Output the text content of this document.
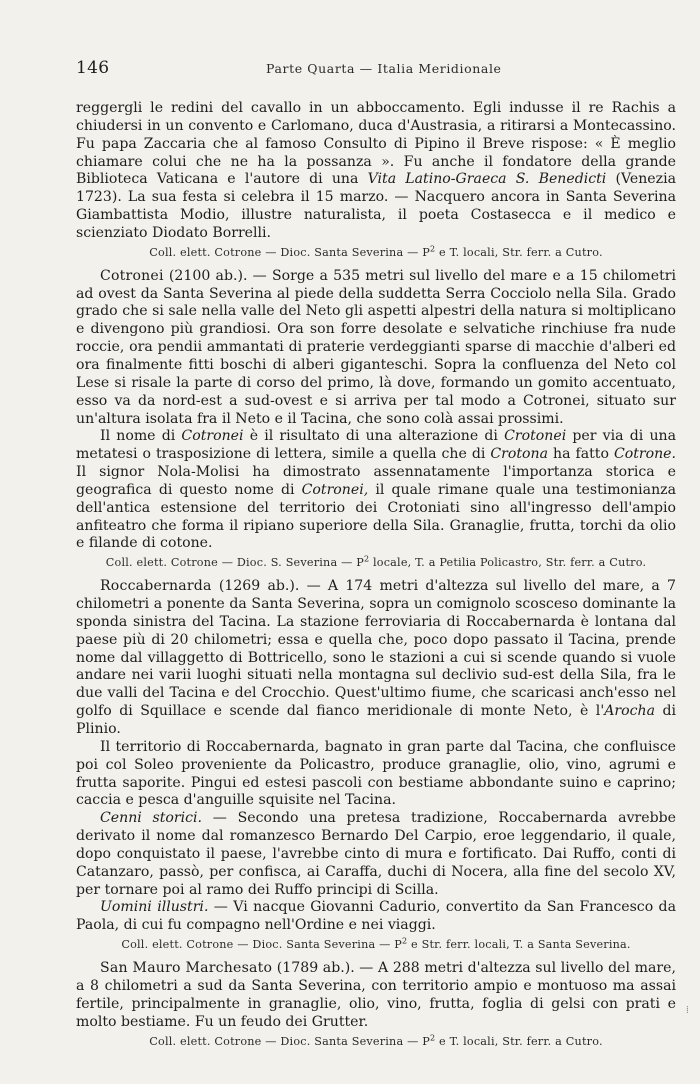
146	Parte Quarta — Italia Meridionale

reggergli le redini del cavallo in un abboccamento. Egli indusse il re Rachis a chiudersi in un convento e Carlomano, duca d'Austrasia, a ritirarsi a Montecassino. Fu papa Zaccaria che al famoso Consulto di Pipino il Breve rispose: « È meglio chiamare colui che ne ha la possanza ». Fu anche il fondatore della grande Biblioteca Vaticana e l'autore di una Vita Latino-Graeca S. Benedicti (Venezia 1723). La sua festa si celebra il 15 marzo. — Nacquero ancora in Santa Severina Giambattista Modio, illustre naturalista, il poeta Costasecca e il medico e scienziato Diodato Borrelli.

Coll. elett. Cotrone — Dioc. Santa Severina — $P^2$ e T. locali, Str. ferr. a Cutro.

Cotronei (2100 ab.). — Sorge a 535 metri sul livello del mare e a 15 chilometri ad ovest da Santa Severina al piede della suddetta Serra Cocciolo nella Sila. Grado grado che si sale nella valle del Neto gli aspetti alpestri della natura si moltiplicano e divengono più grandiosi. Ora son forre desolate e selvatiche rinchiuse fra nude roccie, ora pendii ammantati di praterie verdeggianti sparse di macchie d'alberi ed ora finalmente fitti boschi di alberi giganteschi. Sopra la confluenza del Neto col Lese si risale la parte di corso del primo, là dove, formando un gomito accentuato, esso va da nord-est a sud-ovest e si arriva per tal modo a Cotronei, situato sur un'altura isolata fra il Neto e il Tacina, che sono colà assai prossimi.

Il nome di Cotronei è il risultato di una alterazione di Crotonei per via di una metatesi o trasposizione di lettera, simile a quella che di Crotona ha fatto Cotrone. Il signor Nola-Molisi ha dimostrato assennatamente l'importanza storica e geografica di questo nome di Cotronei, il quale rimane quale una testimonianza dell'antica estensione del territorio dei Crotoniati sino all'ingresso dell'ampio anfiteatro che forma il ripiano superiore della Sila. Granaglie, frutta, torchi da olio e filande di cotone.

Coll. elett. Cotrone — Dioc. S. Severina — $P^2$ locale, T. a Petilia Policastro, Str. ferr. a Cutro.

Roccabernarda (1269 ab.). — A 174 metri d'altezza sul livello del mare, a 7 chilometri a ponente da Santa Severina, sopra un comignolo scosceso dominante la sponda sinistra del Tacina. La stazione ferroviaria di Roccabernarda è lontana dal paese più di 20 chilometri; essa e quella che, poco dopo passato il Tacina, prende nome dal villaggetto di Bottricello, sono le stazioni a cui si scende quando si vuole andare nei varii luoghi situati nella montagna sul declivio sud-est della Sila, fra le due valli del Tacina e del Crocchio. Quest'ultimo fiume, che scaricasi anch'esso nel golfo di Squillace e scende dal fianco meridionale di monte Neto, è l'Arocha di Plinio.

Il territorio di Roccabernarda, bagnato in gran parte dal Tacina, che confluisce poi col Soleo proveniente da Policastro, produce granaglie, olio, vino, agrumi e frutta saporite. Pingui ed estesi pascoli con bestiame abbondante suino e caprino; caccia e pesca d'anguille squisite nel Tacina.

Cenni storici. — Secondo una pretesa tradizione, Roccabernarda avrebbe derivato il nome dal romanzesco Bernardo Del Carpio, eroe leggendario, il quale, dopo conquistato il paese, l'avrebbe cinto di mura e fortificato. Dai Ruffo, conti di Catanzaro, passò, per confisca, ai Caraffa, duchi di Nocera, alla fine del secolo XV, per tornare poi al ramo dei Ruffo principi di Scilla.

Uomini illustri. — Vi nacque Giovanni Cadurio, convertito da San Francesco da Paola, di cui fu compagno nell'Ordine e nei viaggi.

Coll. elett. Cotrone — Dioc. Santa Severina — $P^2$ e Str. ferr. locali, T. a Santa Severina.

San Mauro Marchesato (1789 ab.). — A 288 metri d'altezza sul livello del mare, a 8 chilometri a sud da Santa Severina, con territorio ampio e montuoso ma assai fertile, principalmente in granaglie, olio, vino, frutta, foglia di gelsi con prati e molto bestiame. Fu un feudo dei Grutter.

Coll. elett. Cotrone — Dioc. Santa Severina — $P^2$ e T. locali, Str. ferr. a Cutro.
⁞
